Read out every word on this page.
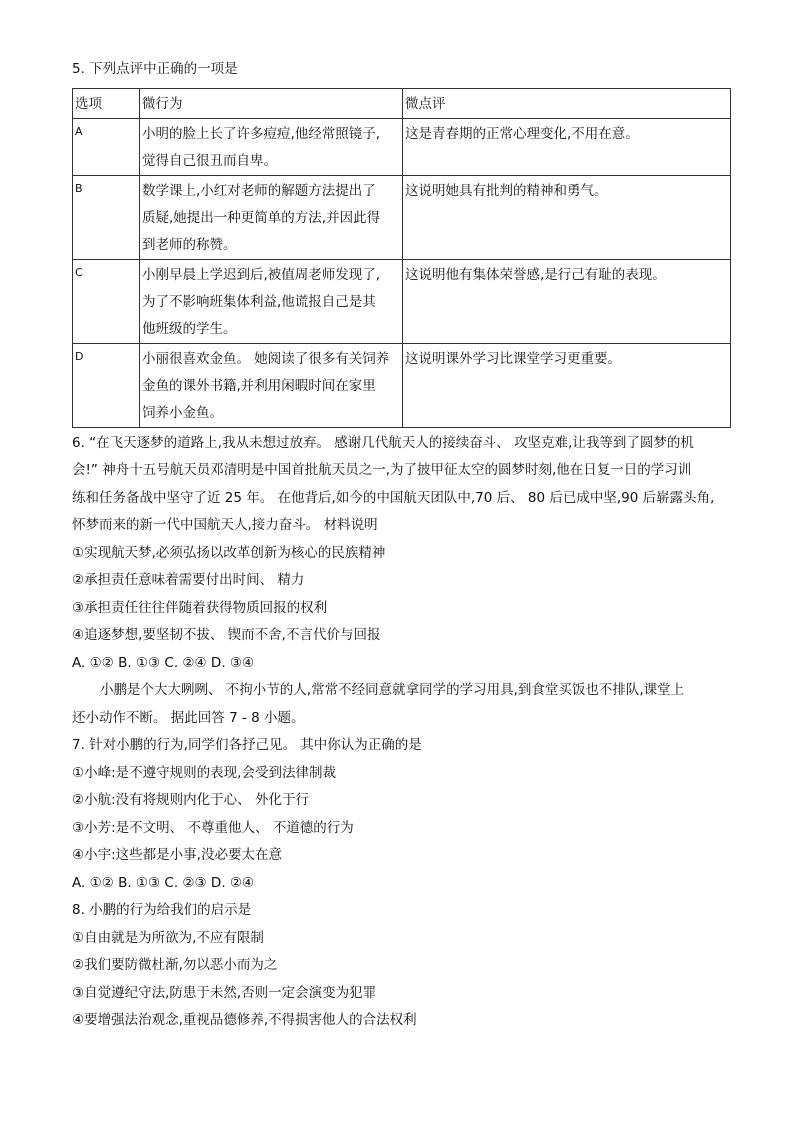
5. 下列点评中正确的一项是
选项	微行为	微点评
A	小明的脸上长了许多痘痘,他经常照镜子,
觉得自己很丑而自卑。	这是青春期的正常心理变化,不用在意。
B	数学课上,小红对老师的解题方法提出了
质疑,她提出一种更简单的方法,并因此得
到老师的称赞。	这说明她具有批判的精神和勇气。
C	小刚早晨上学迟到后,被值周老师发现了,
为了不影响班集体利益,他谎报自己是其
他班级的学生。	这说明他有集体荣誉感,是行己有耻的表现。
D	小丽很喜欢金鱼。 她阅读了很多有关饲养
金鱼的课外书籍,并利用闲暇时间在家里
饲养小金鱼。	这说明课外学习比课堂学习更重要。
6. “在飞天逐梦的道路上,我从未想过放弃。 感谢几代航天人的接续奋斗、 攻坚克难,让我等到了圆梦的机
会!” 神舟十五号航天员邓清明是中国首批航天员之一,为了披甲征太空的圆梦时刻,他在日复一日的学习训
练和任务备战中坚守了近 25 年。 在他背后,如今的中国航天团队中,70 后、 80 后已成中坚,90 后崭露头角,
怀梦而来的新一代中国航天人,接力奋斗。 材料说明
①实现航天梦,必须弘扬以改革创新为核心的民族精神
②承担责任意味着需要付出时间、 精力
③承担责任往往伴随着获得物质回报的权利
④追逐梦想,要坚韧不拔、 锲而不舍,不言代价与回报
A. ①② B. ①③ C. ②④ D. ③④
小鹏是个大大咧咧、 不拘小节的人,常常不经同意就拿同学的学习用具,到食堂买饭也不排队,课堂上
还小动作不断。 据此回答 7 - 8 小题。
7. 针对小鹏的行为,同学们各抒己见。 其中你认为正确的是
①小峰:是不遵守规则的表现,会受到法律制裁
②小航:没有将规则内化于心、 外化于行
③小芳:是不文明、 不尊重他人、 不道德的行为
④小宇:这些都是小事,没必要太在意
A. ①② B. ①③ C. ②③ D. ②④
8. 小鹏的行为给我们的启示是
①自由就是为所欲为,不应有限制
②我们要防微杜渐,勿以恶小而为之
③自觉遵纪守法,防患于未然,否则一定会演变为犯罪
④要增强法治观念,重视品德修养,不得损害他人的合法权利
